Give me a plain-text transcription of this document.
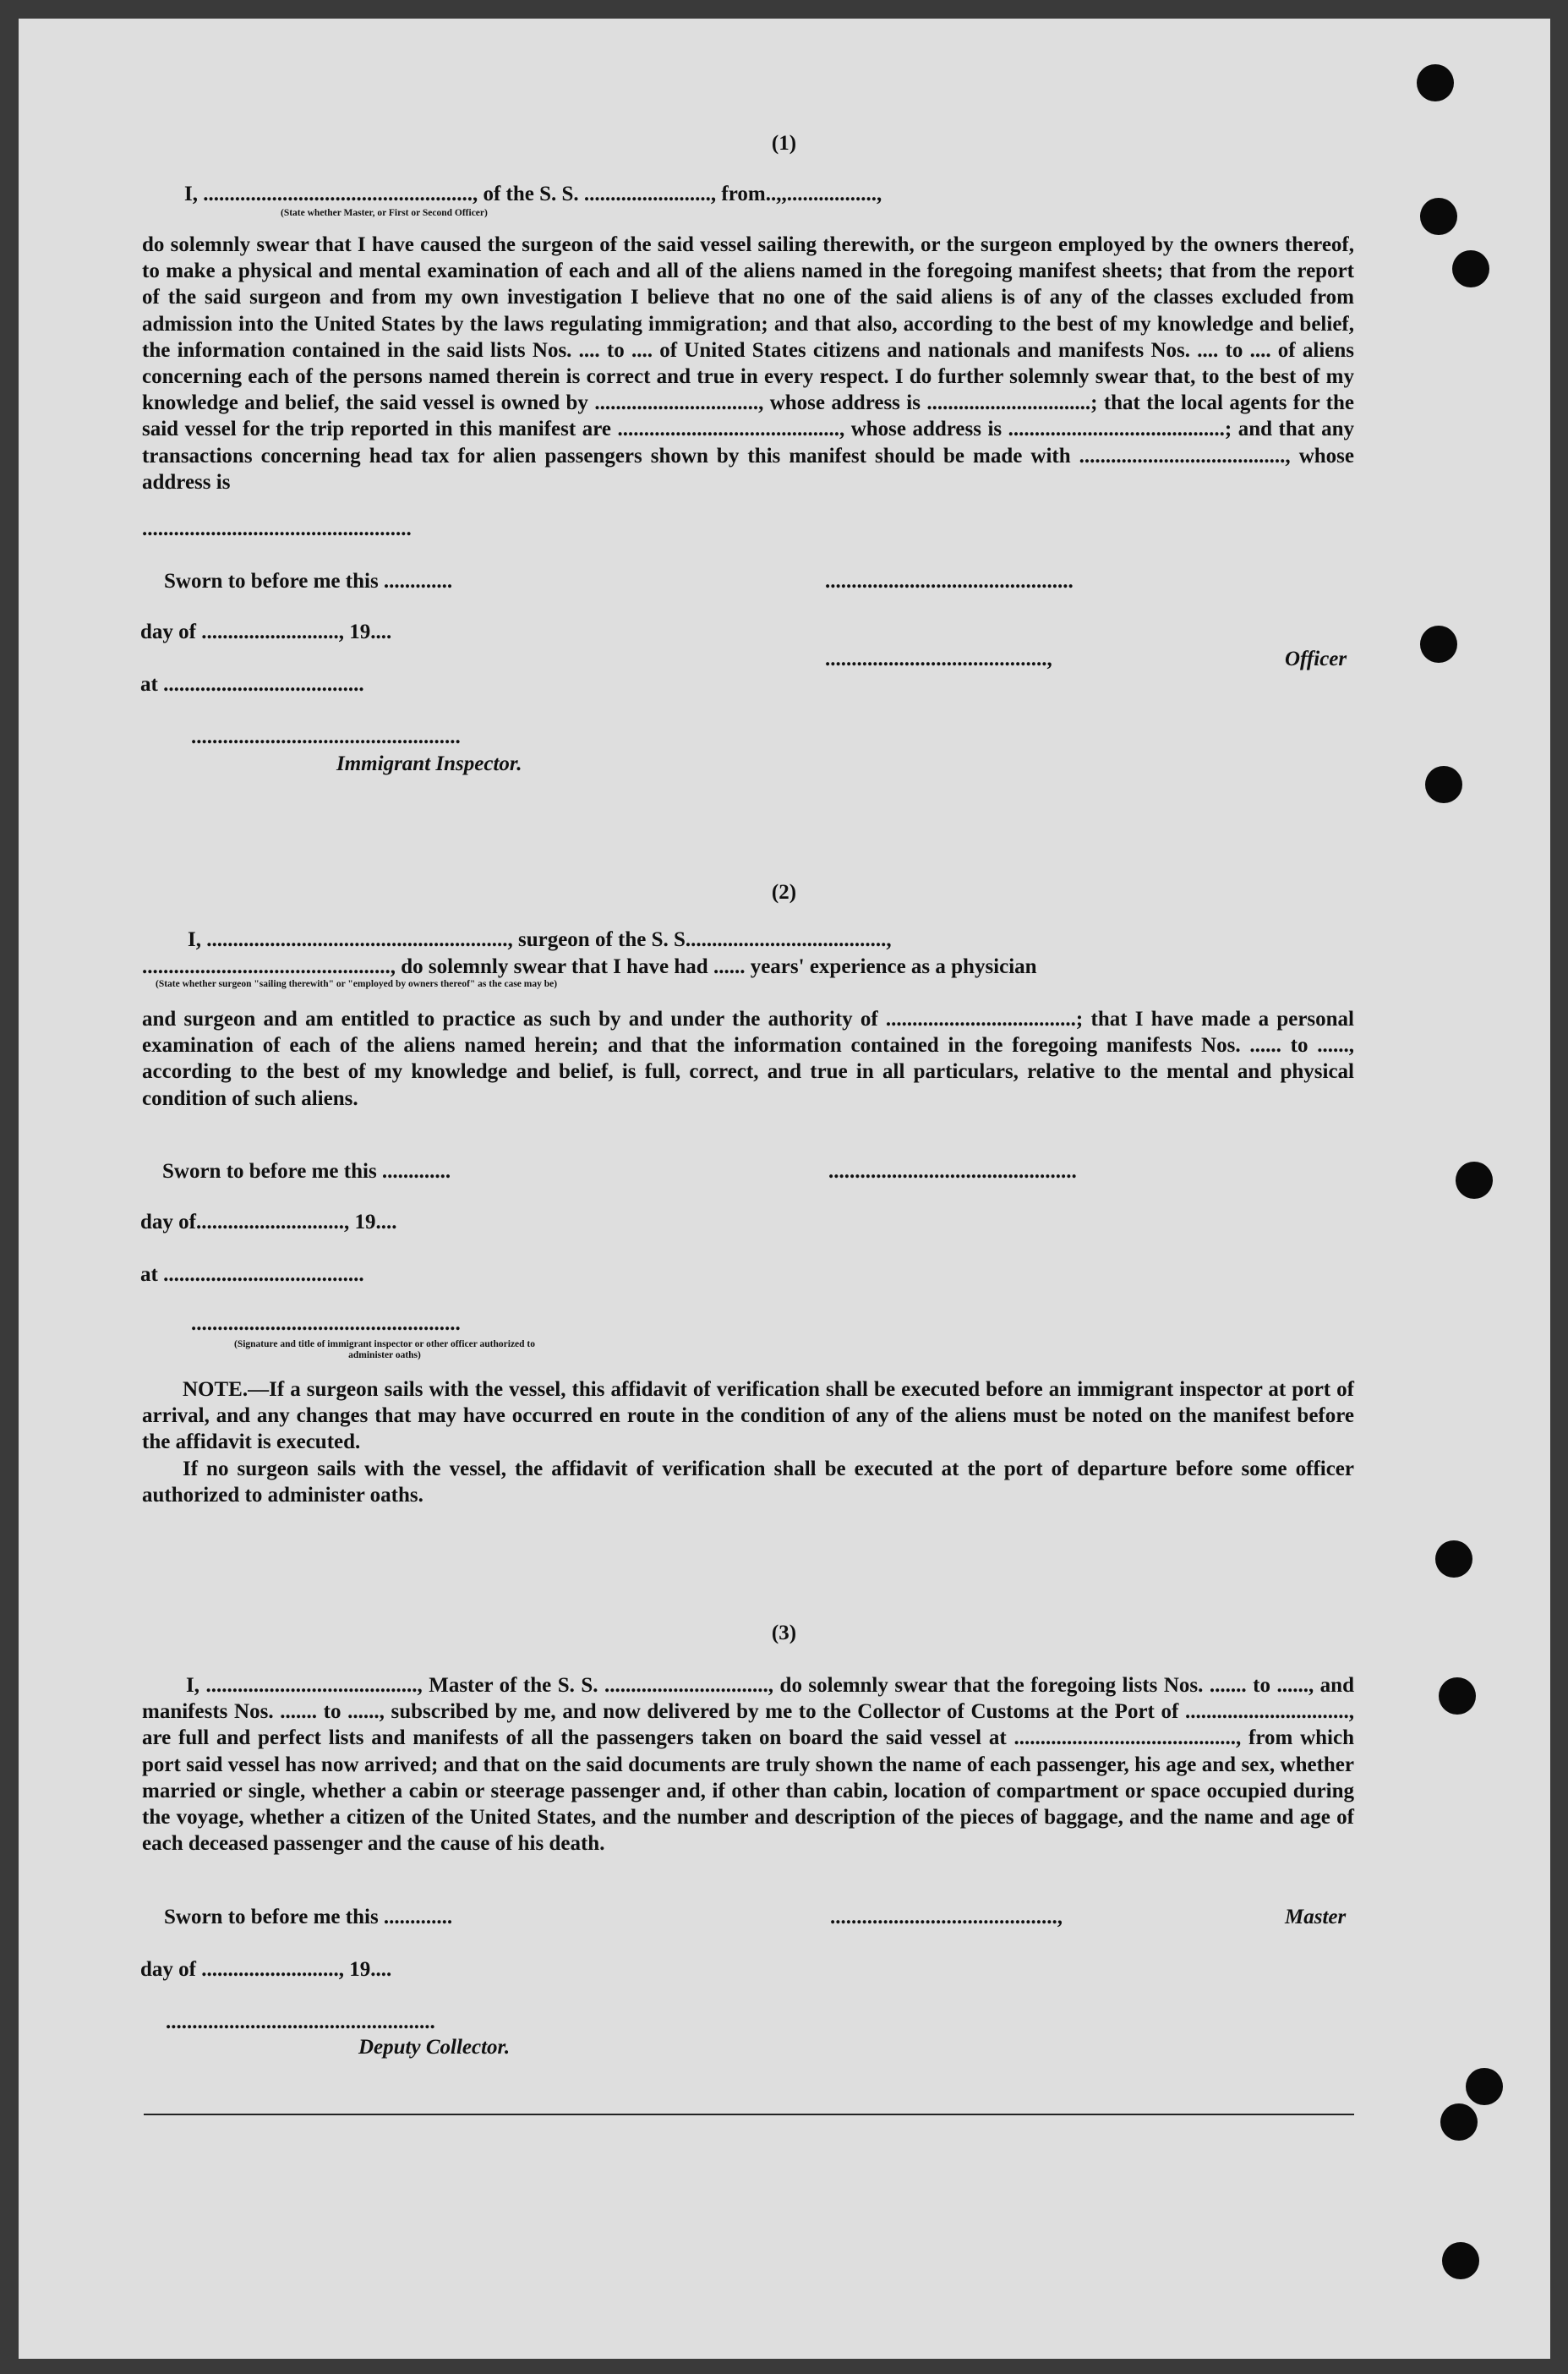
(1)
I, ..................................................., of the S. S. ........................, from..,,.................,
(State whether Master, or First or Second Officer)

do solemnly swear that I have caused the surgeon of the said vessel sailing therewith, or the surgeon employed by the owners thereof, to make a physical and mental examination of each and all of the aliens named in the foregoing manifest sheets; that from the report of the said surgeon and from my own investigation I believe that no one of the said aliens is of any of the classes excluded from admission into the United States by the laws regulating immigration; and that also, according to the best of my knowledge and belief, the information contained in the said lists Nos. .... to .... of United States citizens and nationals and manifests Nos. .... to .... of aliens concerning each of the persons named therein is correct and true in every respect. I do further solemnly swear that, to the best of my knowledge and belief, the said vessel is owned by ..............................., whose address is ...............................; that the local agents for the said vessel for the trip reported in this manifest are .........................................., whose address is .........................................; and that any transactions concerning head tax for alien passengers shown by this manifest should be made with ......................................., whose address is

...................................................
Sworn to before me this .............	...............................................
day of .........................., 19....
..........................................,	Officer
at ......................................
...................................................
Immigrant Inspector.
(2)
I, ........................................................., surgeon of the S. S......................................,
..............................................., do solemnly swear that I have had ...... years' experience as a physician
(State whether surgeon "sailing therewith" or "employed by owners thereof" as the case may be)

and surgeon and am entitled to practice as such by and under the authority of ....................................; that I have made a personal examination of each of the aliens named herein; and that the information contained in the foregoing manifests Nos. ...... to ......, according to the best of my knowledge and belief, is full, correct, and true in all particulars, relative to the mental and physical condition of such aliens.

Sworn to before me this .............	...............................................
day of............................, 19....
at ......................................
...................................................
(Signature and title of immigrant inspector or other officer authorized to administer oaths)

NOTE.—If a surgeon sails with the vessel, this affidavit of verification shall be executed before an immigrant inspector at port of arrival, and any changes that may have occurred en route in the condition of any of the aliens must be noted on the manifest before the affidavit is executed.

If no surgeon sails with the vessel, the affidavit of verification shall be executed at the port of departure before some officer authorized to administer oaths.

(3)

I, ........................................, Master of the S. S. ..............................., do solemnly swear that the foregoing lists Nos. ....... to ......, and manifests Nos. ....... to ......, subscribed by me, and now delivered by me to the Collector of Customs at the Port of ..............................., are full and perfect lists and manifests of all the passengers taken on board the said vessel at .........................................., from which port said vessel has now arrived; and that on the said documents are truly shown the name of each passenger, his age and sex, whether married or single, whether a cabin or steerage passenger and, if other than cabin, location of compartment or space occupied during the voyage, whether a citizen of the United States, and the number and description of the pieces of baggage, and the name and age of each deceased passenger and the cause of his death.

Sworn to before me this .............	...........................................,	Master
day of .........................., 19....
...................................................
Deputy Collector.
